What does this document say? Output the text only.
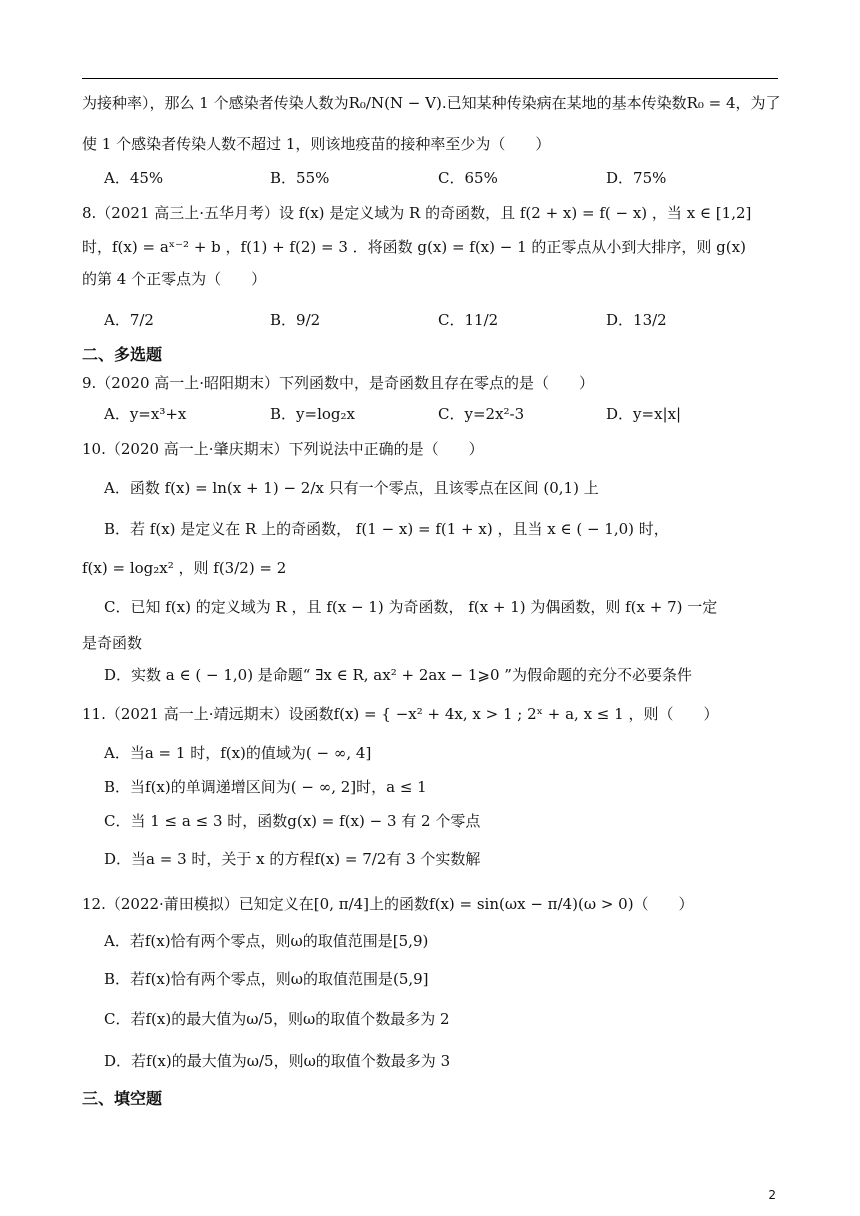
为接种率），那么 1 个感染者传染人数为R₀/N(N − V).已知某种传染病在某地的基本传染数R₀ = 4，为了
使 1 个感染者传染人数不超过 1，则该地疫苗的接种率至少为（　　）
A．45%	B．55%	C．65%	D．75%
8.（2021 高三上·五华月考）设 f(x) 是定义域为 R 的奇函数，且 f(2 + x) = f( − x) ，当 x ∈ [1,2]
时，f(x) = aˣ⁻² + b ，f(1) + f(2) = 3 ．将函数 g(x) = f(x) − 1 的正零点从小到大排序，则 g(x)
的第 4 个正零点为（　　）
A．7/2	B．9/2	C．11/2	D．13/2
二、多选题
9.（2020 高一上·昭阳期末）下列函数中，是奇函数且存在零点的是（　　）
A．y=x³+x	B．y=log₂x	C．y=2x²-3	D．y=x|x|
10.（2020 高一上·肇庆期末）下列说法中正确的是（　　）
A．函数 f(x) = ln(x + 1) − 2/x 只有一个零点，且该零点在区间 (0,1) 上
B．若 f(x) 是定义在 R 上的奇函数， f(1 − x) = f(1 + x) ，且当 x ∈ ( − 1,0) 时，
f(x) = log₂x² ，则 f(3/2) = 2
C．已知 f(x) 的定义域为 R ，且 f(x − 1) 为奇函数， f(x + 1) 为偶函数，则 f(x + 7) 一定
是奇函数
D．实数 a ∈ ( − 1,0) 是命题“ ∃x ∈ R, ax² + 2ax − 1⩾0 ”为假命题的充分不必要条件
11.（2021 高一上·靖远期末）设函数f(x) = { −x² + 4x, x > 1 ; 2ˣ + a, x ≤ 1 ，则（　　）
A．当a = 1 时，f(x)的值域为( − ∞, 4]
B．当f(x)的单调递增区间为( − ∞, 2]时，a ≤ 1
C．当 1 ≤ a ≤ 3 时，函数g(x) = f(x) − 3 有 2 个零点
D．当a = 3 时，关于 x 的方程f(x) = 7/2有 3 个实数解
12.（2022·莆田模拟）已知定义在[0, π/4]上的函数f(x) = sin(ωx − π/4)(ω > 0)（　　）
A．若f(x)恰有两个零点，则ω的取值范围是[5,9)
B．若f(x)恰有两个零点，则ω的取值范围是(5,9]
C．若f(x)的最大值为ω/5，则ω的取值个数最多为 2
D．若f(x)的最大值为ω/5，则ω的取值个数最多为 3
三、填空题
2
